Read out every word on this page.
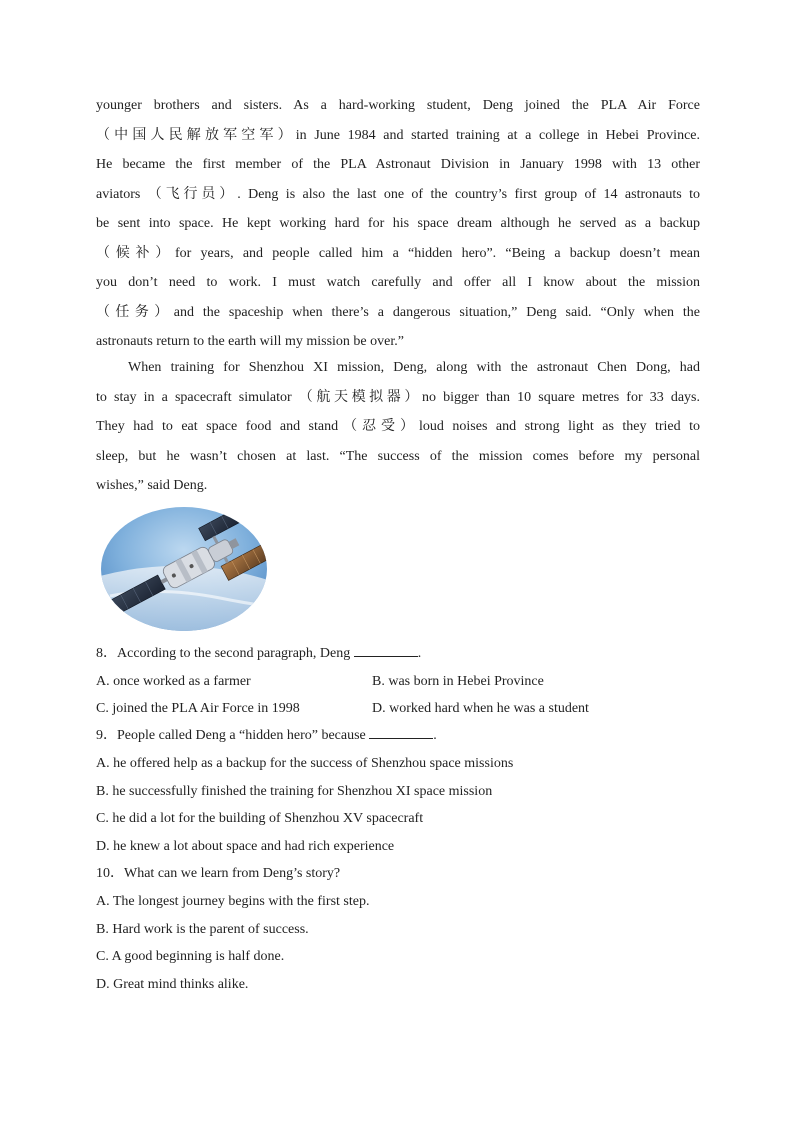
younger brothers and sisters. As a hard-working student, Deng joined the PLA Air Force

（中国人民解放军空军）in June 1984 and started training at a college in Hebei Province.

He became the first member of the PLA Astronaut Division in January 1998 with 13 other

aviators （飞行员）. Deng is also the last one of the country’s first group of 14 astronauts to

be sent into space. He kept working hard for his space dream although he served as a backup

（候补）for years, and people called him a “hidden hero”. “Being a backup doesn’t mean

you don’t need to work. I must watch carefully and offer all I know about the mission

（任务）and the spaceship when there’s a dangerous situation,” Deng said. “Only when the

astronauts return to the earth will my mission be over.”

When training for Shenzhou XI mission, Deng, along with the astronaut Chen Dong, had

to stay in a spacecraft simulator （航天模拟器）no bigger than 10 square metres for 33 days.

They had to eat space food and stand（忍受）loud noises and strong light as they tried to

sleep, but he wasn’t chosen at last. “The success of the mission comes before my personal

wishes,” said Deng.

8．According to the second paragraph, Deng	.
A. once worked as a farmer	B. was born in Hebei Province
C. joined the PLA Air Force in 1998	D. worked hard when he was a student
9．People called Deng a “hidden hero” because	.
A. he offered help as a backup for the success of Shenzhou space missions
B. he successfully finished the training for Shenzhou XI space mission
C. he did a lot for the building of Shenzhou XV spacecraft
D. he knew a lot about space and had rich experience
10．What can we learn from Deng’s story?
A. The longest journey begins with the first step.
B. Hard work is the parent of success.
C. A good beginning is half done.
D. Great mind thinks alike.
